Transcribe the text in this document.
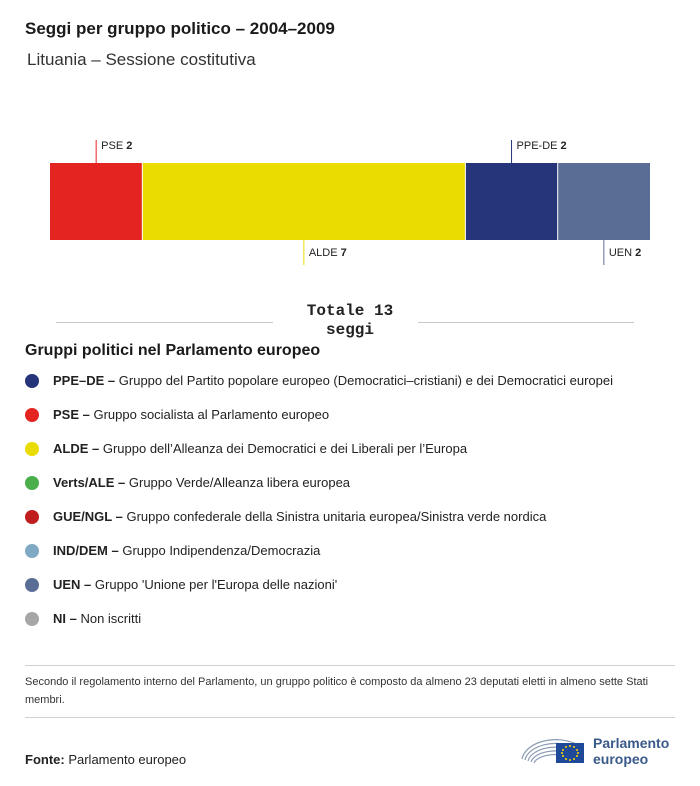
Seggi per gruppo politico – 2004–2009
Lituania – Sessione costitutiva
PSE 2
ALDE 7
PPE-DE 2
UEN 2
Totale 13
seggi
Gruppi politici nel Parlamento europeo
PPE–DE – Gruppo del Partito popolare europeo (Democratici–cristiani) e dei Democratici europei
PSE – Gruppo socialista al Parlamento europeo
ALDE – Gruppo dell’Alleanza dei Democratici e dei Liberali per l’Europa
Verts/ALE – Gruppo Verde/Alleanza libera europea
GUE/NGL – Gruppo confederale della Sinistra unitaria europea/Sinistra verde nordica
IND/DEM – Gruppo Indipendenza/Democrazia
UEN – Gruppo 'Unione per l'Europa delle nazioni'
NI – Non iscritti
Secondo il regolamento interno del Parlamento, un gruppo politico è composto da almeno 23 deputati eletti in almeno sette Stati membri.
Fonte: Parlamento europeo
Parlamento
europeo
